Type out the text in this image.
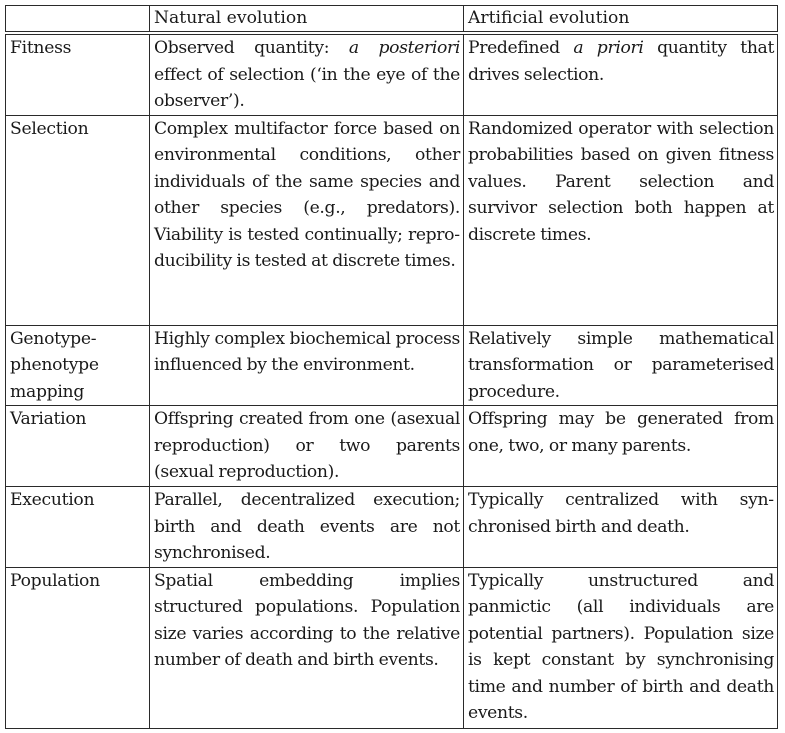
	Natural evolution	Artificial evolution

Fitness	Observed quantity: a posteriori effect of selection (‘in the eye of the observer’).	Predefined a priori quantity that drives selection.
Selection	Complex multifactor force based on environmental conditions, other individuals of the same species and other species (e.g., predators). Viability is tested continually; reproducibility is tested at discrete times.	Randomized operator with selection probabilities based on given fitness values. Parent selection and survivor selection both happen at discrete times.
Genotype-phenotype mapping	Highly complex biochemical process influenced by the environment.	Relatively simple mathematical transformation or parameterised procedure.
Variation	Offspring created from one (asexual reproduction) or two parents (sexual reproduction).	Offspring may be generated from one, two, or many parents.
Execution	Parallel, decentralized execution; birth and death events are not synchronised.	Typically centralized with synchronised birth and death.
Population	Spatial embedding implies structured populations. Population size varies according to the relative number of death and birth events.	Typically unstructured and panmictic (all individuals are potential partners). Population size is kept constant by synchronising time and number of birth and death events.
